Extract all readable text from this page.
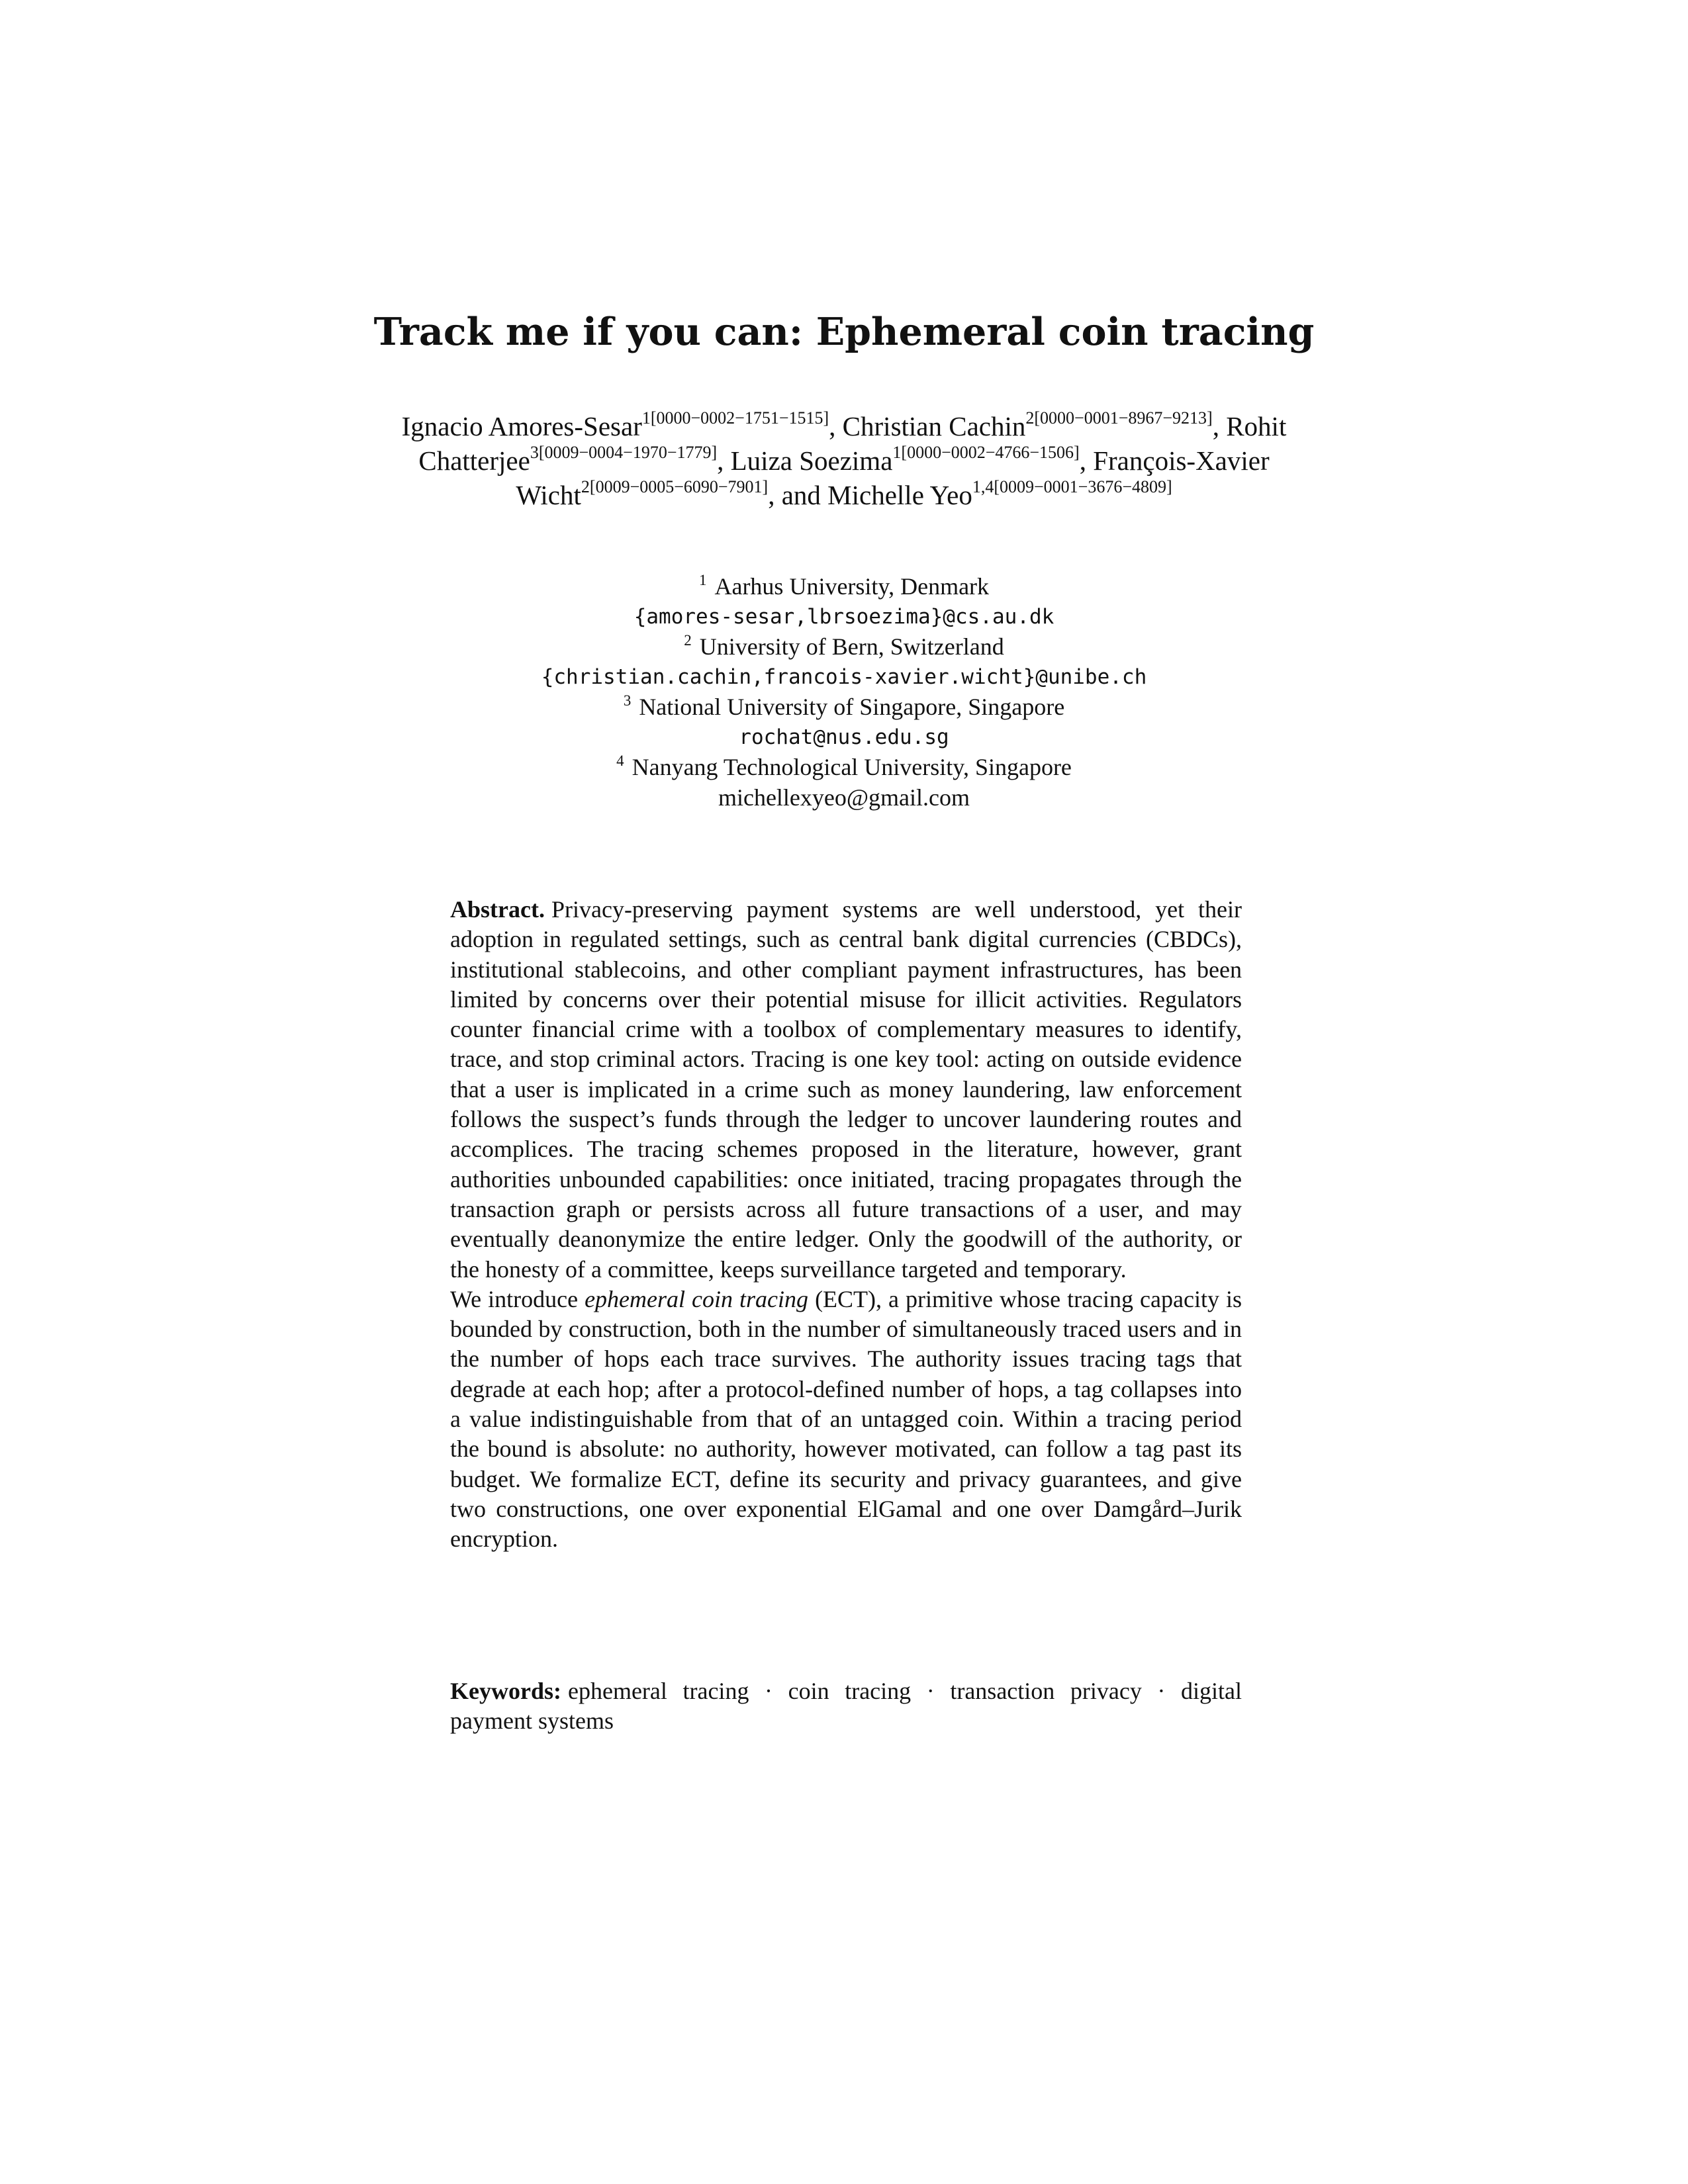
Track me if you can: Ephemeral coin tracing
Ignacio Amores-Sesar$^{1[0000-0002-1751-1515]}$, Christian Cachin$^{2[0000-0001-8967-9213]}$, Rohit Chatterjee$^{3[0009-0004-1970-1779]}$, Luiza Soezima$^{1[0000-0002-4766-1506]}$, François-Xavier Wicht$^{2[0009-0005-6090-7901]}$, and Michelle Yeo$^{1,4[0009-0001-3676-4809]}$
$^1$ Aarhus University, Denmark
{amores-sesar,lbrsoezima}@cs.au.dk
$^2$ University of Bern, Switzerland
{christian.cachin,francois-xavier.wicht}@unibe.ch
$^3$ National University of Singapore, Singapore
rochat@nus.edu.sg
$^4$ Nanyang Technological University, Singapore
michellexyeo@gmail.com

Abstract. Privacy-preserving payment systems are well understood, yet their adoption in regulated settings, such as central bank digital currencies (CBDCs), institutional stablecoins, and other compliant payment infrastructures, has been limited by concerns over their potential misuse for illicit activities. Regulators counter financial crime with a toolbox of complementary measures to identify, trace, and stop criminal actors. Tracing is one key tool: acting on outside evidence that a user is implicated in a crime such as money laundering, law enforcement follows the suspect’s funds through the ledger to uncover laundering routes and accomplices. The tracing schemes proposed in the literature, however, grant authorities unbounded capabilities: once initiated, tracing propagates through the transaction graph or persists across all future transactions of a user, and may eventually deanonymize the entire ledger. Only the goodwill of the authority, or the honesty of a committee, keeps surveillance targeted and temporary.

We introduce ephemeral coin tracing (ECT), a primitive whose tracing capacity is bounded by construction, both in the number of simultaneously traced users and in the number of hops each trace survives. The authority issues tracing tags that degrade at each hop; after a protocol-defined number of hops, a tag collapses into a value indistinguishable from that of an untagged coin. Within a tracing period the bound is absolute: no authority, however motivated, can follow a tag past its budget. We formalize ECT, define its security and privacy guarantees, and give two constructions, one over exponential ElGamal and one over Damgård–Jurik encryption.

Keywords: ephemeral tracing · coin tracing · transaction privacy · digital payment systems
